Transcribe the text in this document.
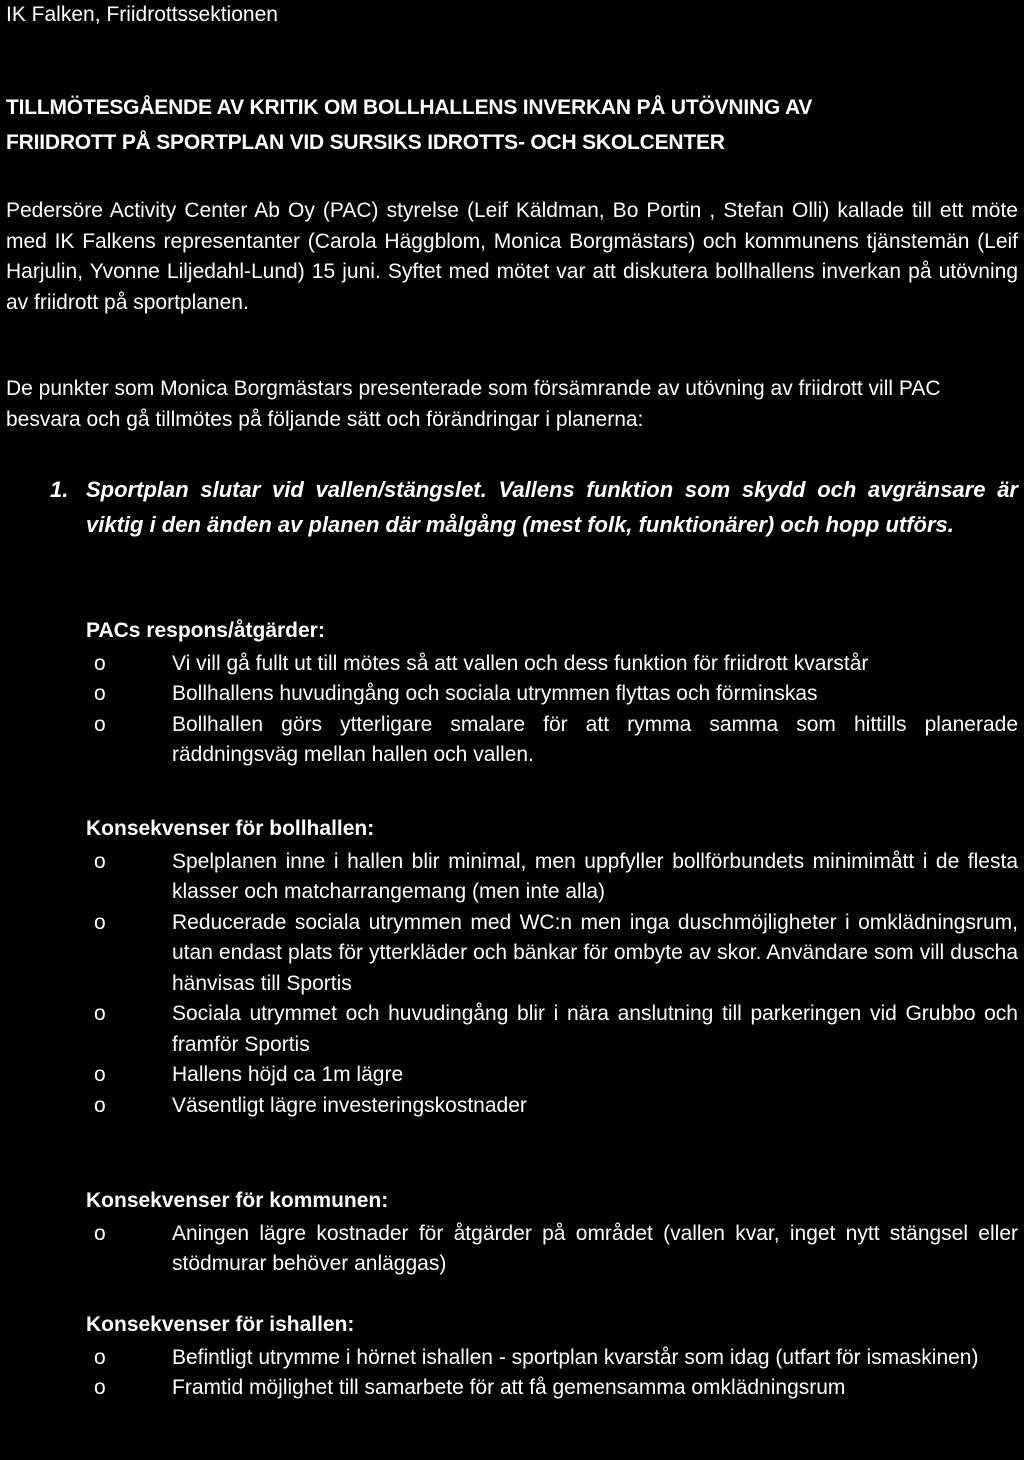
IK Falken, Friidrottssektionen
TILLMÖTESGÅENDE AV KRITIK OM BOLLHALLENS INVERKAN PÅ UTÖVNING AV
FRIIDROTT PÅ SPORTPLAN VID SURSIKS IDROTTS- OCH SKOLCENTER

Pedersöre Activity Center Ab Oy (PAC) styrelse (Leif Käldman, Bo Portin , Stefan Olli) kallade till ett möte med IK Falkens representanter (Carola Häggblom, Monica Borgmästars) och kommunens tjänstemän (Leif Harjulin, Yvonne Liljedahl-Lund) 15 juni. Syftet med mötet var att diskutera bollhallens inverkan på utövning av friidrott på sportplanen.

De punkter som Monica Borgmästars presenterade som försämrande av utövning av friidrott vill PAC besvara och gå tillmötes på följande sätt och förändringar i planerna:

1. Sportplan slutar vid vallen/stängslet. Vallens funktion som skydd och avgränsare är viktig i den änden av planen där målgång (mest folk, funktionärer) och hopp utförs.
PACs respons/åtgärder:
o	Vi vill gå fullt ut till mötes så att vallen och dess funktion för friidrott kvarstår
o	Bollhallens huvudingång och sociala utrymmen flyttas och förminskas
o	Bollhallen görs ytterligare smalare för att rymma samma som hittills planerade räddningsväg mellan hallen och vallen.
Konsekvenser för bollhallen:
o	Spelplanen inne i hallen blir minimal, men uppfyller bollförbundets minimimått i de flesta klasser och matcharrangemang (men inte alla)
o	Reducerade sociala utrymmen med WC:n men inga duschmöjligheter i omklädningsrum, utan endast plats för ytterkläder och bänkar för ombyte av skor. Användare som vill duscha hänvisas till Sportis
o	Sociala utrymmet och huvudingång blir i nära anslutning till parkeringen vid Grubbo och framför Sportis
o	Hallens höjd ca 1m lägre
o	Väsentligt lägre investeringskostnader
Konsekvenser för kommunen:
o	Aningen lägre kostnader för åtgärder på området (vallen kvar, inget nytt stängsel eller stödmurar behöver anläggas)
Konsekvenser för ishallen:
o	Befintligt utrymme i hörnet ishallen - sportplan kvarstår som idag (utfart för ismaskinen)
o	Framtid möjlighet till samarbete för att få gemensamma omklädningsrum
